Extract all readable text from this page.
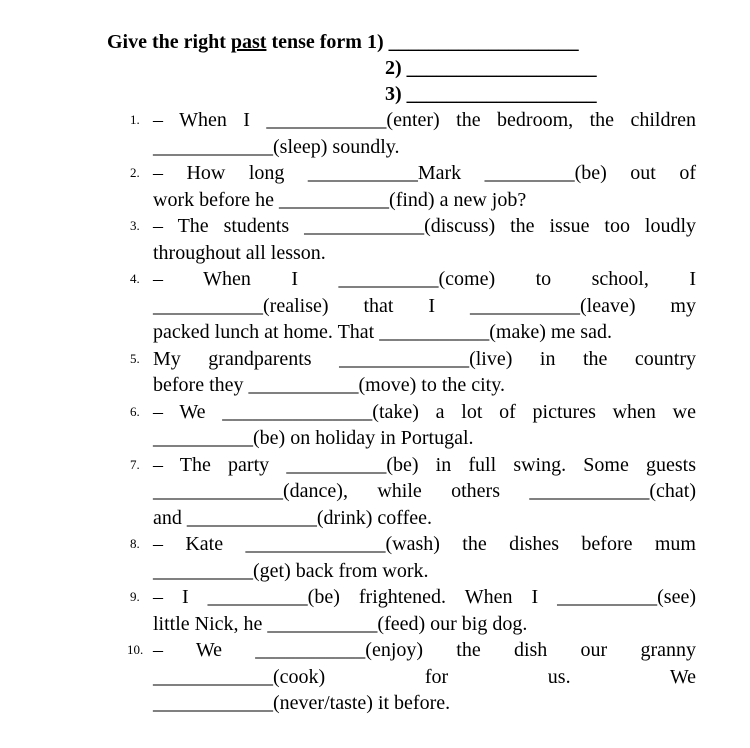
Give the right past tense form 1) ___________________
2) ___________________
3) ___________________
1. – When I ____________(enter) the bedroom, the children
____________(sleep) soundly.
2. – How long ___________Mark _________(be) out of
work before he ___________(find) a new job?
3. – The students ____________(discuss) the issue too loudly
throughout all lesson.
4. – When I __________(come) to school, I
___________(realise) that I ___________(leave) my
packed lunch at home. That ___________(make) me sad.
5. My grandparents _____________(live) in the country
before they ___________(move) to the city.
6. – We _______________(take) a lot of pictures when we
__________(be) on holiday in Portugal.
7. – The party __________(be) in full swing. Some guests
_____________(dance), while others ____________(chat)
and _____________(drink) coffee.
8. – Kate ______________(wash) the dishes before mum
__________(get) back from work.
9. – I __________(be) frightened. When I __________(see)
little Nick, he ___________(feed) our big dog.
10. – We ___________(enjoy) the dish our granny
____________(cook) for us. We
____________(never/taste) it before.
